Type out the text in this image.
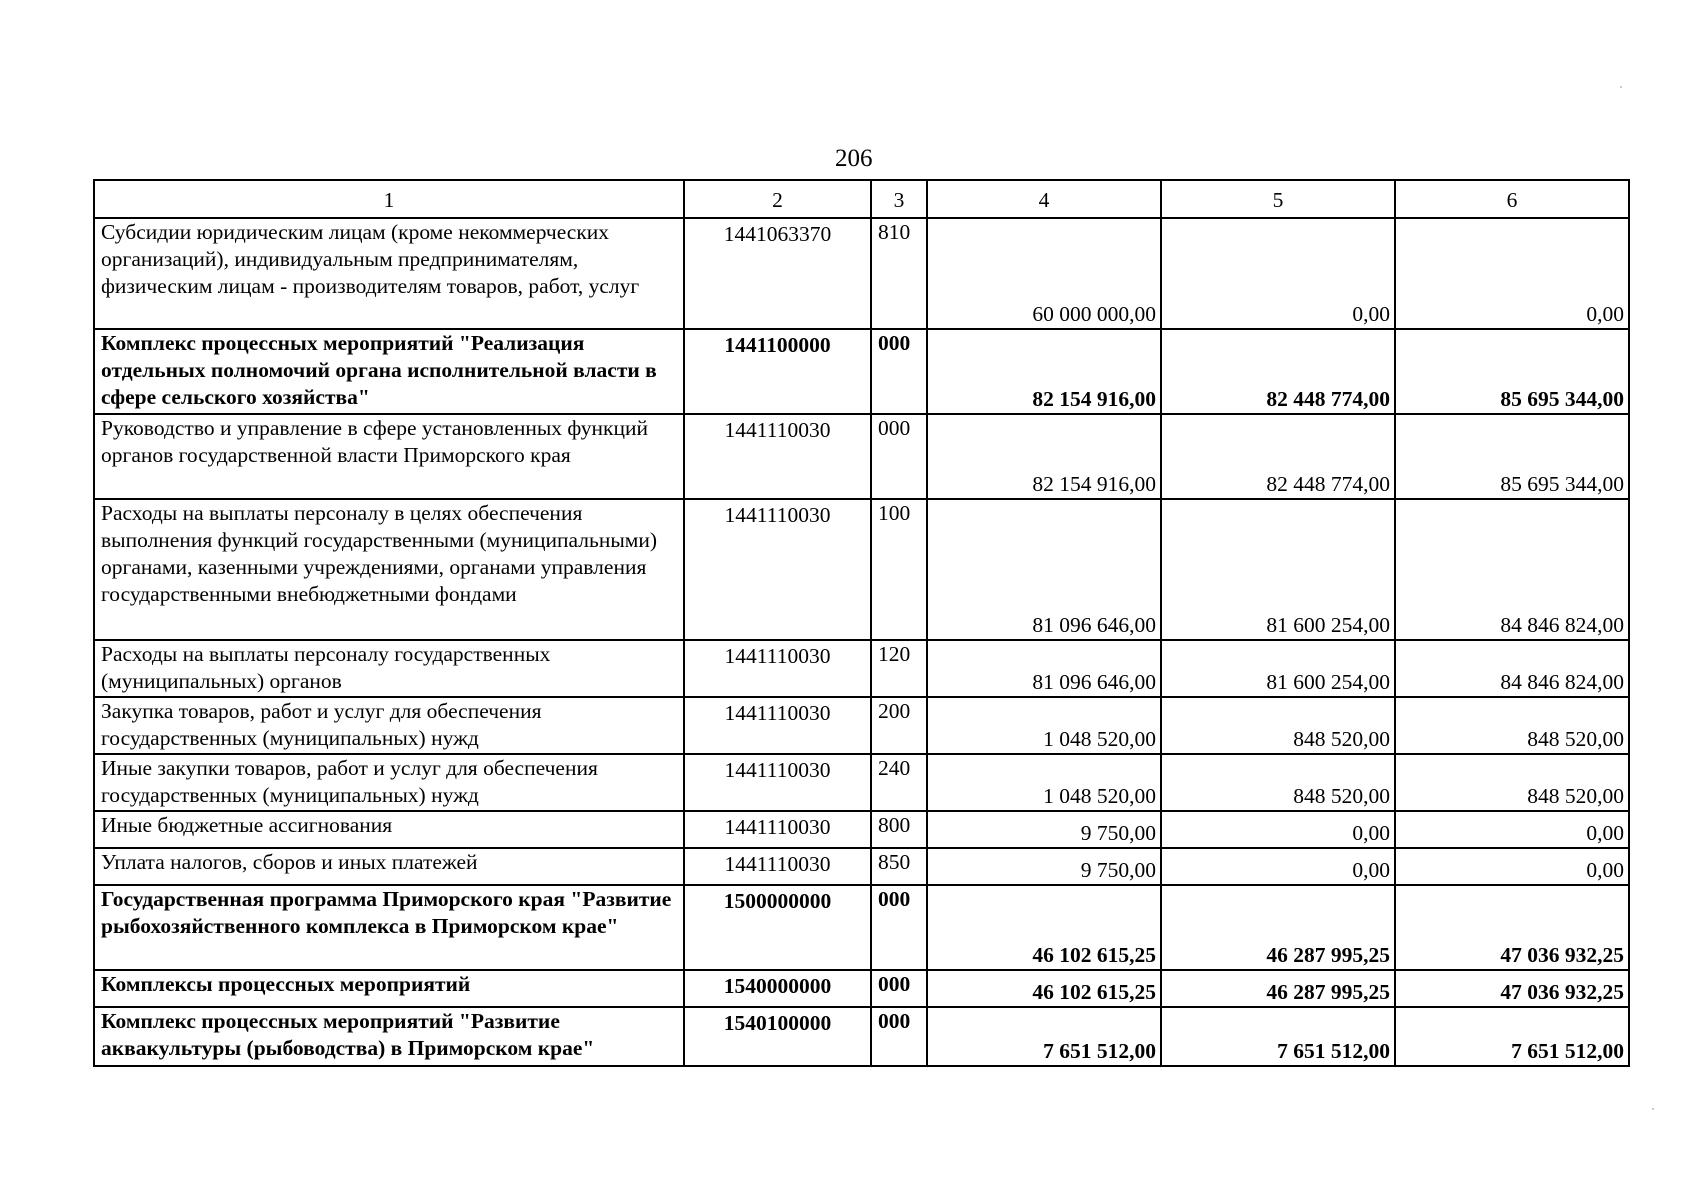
206
1	2	3	4	5	6
Субсидии юридическим лицам (кроме некоммерческих организаций), индивидуальным предпринимателям, физическим лицам - производителям товаров, работ, услуг	1441063370	810	60 000 000,00	0,00	0,00
Комплекс процессных мероприятий "Реализация отдельных полномочий органа исполнительной власти в сфере сельского хозяйства"	1441100000	000	82 154 916,00	82 448 774,00	85 695 344,00
Руководство и управление в сфере установленных функций органов государственной власти Приморского края	1441110030	000	82 154 916,00	82 448 774,00	85 695 344,00
Расходы на выплаты персоналу в целях обеспечения выполнения функций государственными (муниципальными) органами, казенными учреждениями, органами управления государственными внебюджетными фондами	1441110030	100	81 096 646,00	81 600 254,00	84 846 824,00
Расходы на выплаты персоналу государственных (муниципальных) органов	1441110030	120	81 096 646,00	81 600 254,00	84 846 824,00
Закупка товаров, работ и услуг для обеспечения государственных (муниципальных) нужд	1441110030	200	1 048 520,00	848 520,00	848 520,00
Иные закупки товаров, работ и услуг для обеспечения государственных (муниципальных) нужд	1441110030	240	1 048 520,00	848 520,00	848 520,00
Иные бюджетные ассигнования	1441110030	800	9 750,00	0,00	0,00
Уплата налогов, сборов и иных платежей	1441110030	850	9 750,00	0,00	0,00
Государственная программа Приморского края "Развитие рыбохозяйственного комплекса в Приморском крае"	1500000000	000	46 102 615,25	46 287 995,25	47 036 932,25
Комплексы процессных мероприятий	1540000000	000	46 102 615,25	46 287 995,25	47 036 932,25
Комплекс процессных мероприятий "Развитие аквакультуры (рыбоводства) в Приморском крае"	1540100000	000	7 651 512,00	7 651 512,00	7 651 512,00
